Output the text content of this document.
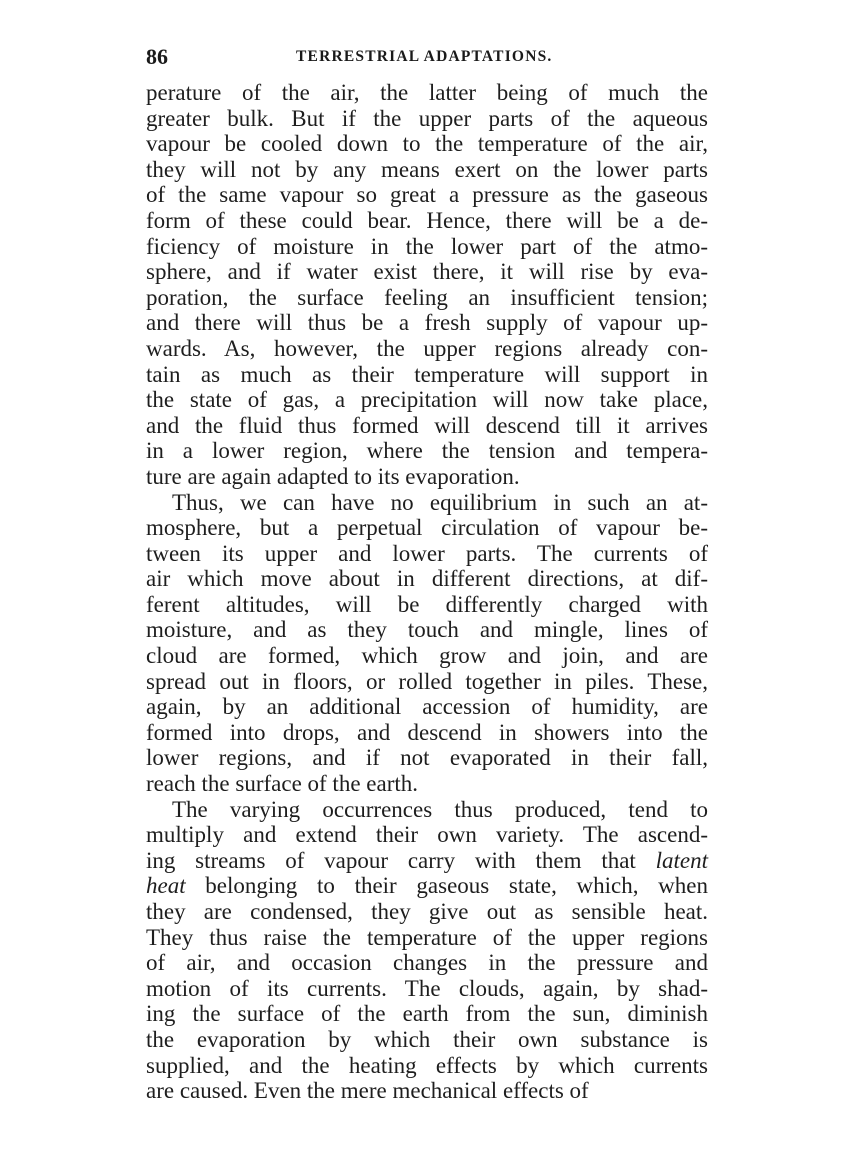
86	TERRESTRIAL ADAPTATIONS.
perature of the air, the latter being of much the
greater bulk. But if the upper parts of the aqueous
vapour be cooled down to the temperature of the air,
they will not by any means exert on the lower parts
of the same vapour so great a pressure as the gaseous
form of these could bear. Hence, there will be a de-
ficiency of moisture in the lower part of the atmo-
sphere, and if water exist there, it will rise by eva-
poration, the surface feeling an insufficient tension;
and there will thus be a fresh supply of vapour up-
wards. As, however, the upper regions already con-
tain as much as their temperature will support in
the state of gas, a precipitation will now take place,
and the fluid thus formed will descend till it arrives
in a lower region, where the tension and tempera-
ture are again adapted to its evaporation.
Thus, we can have no equilibrium in such an at-
mosphere, but a perpetual circulation of vapour be-
tween its upper and lower parts. The currents of
air which move about in different directions, at dif-
ferent altitudes, will be differently charged with
moisture, and as they touch and mingle, lines of
cloud are formed, which grow and join, and are
spread out in floors, or rolled together in piles. These,
again, by an additional accession of humidity, are
formed into drops, and descend in showers into the
lower regions, and if not evaporated in their fall,
reach the surface of the earth.
The varying occurrences thus produced, tend to
multiply and extend their own variety. The ascend-
ing streams of vapour carry with them that latent
heat belonging to their gaseous state, which, when
they are condensed, they give out as sensible heat.
They thus raise the temperature of the upper regions
of air, and occasion changes in the pressure and
motion of its currents. The clouds, again, by shad-
ing the surface of the earth from the sun, diminish
the evaporation by which their own substance is
supplied, and the heating effects by which currents
are caused. Even the mere mechanical effects of
